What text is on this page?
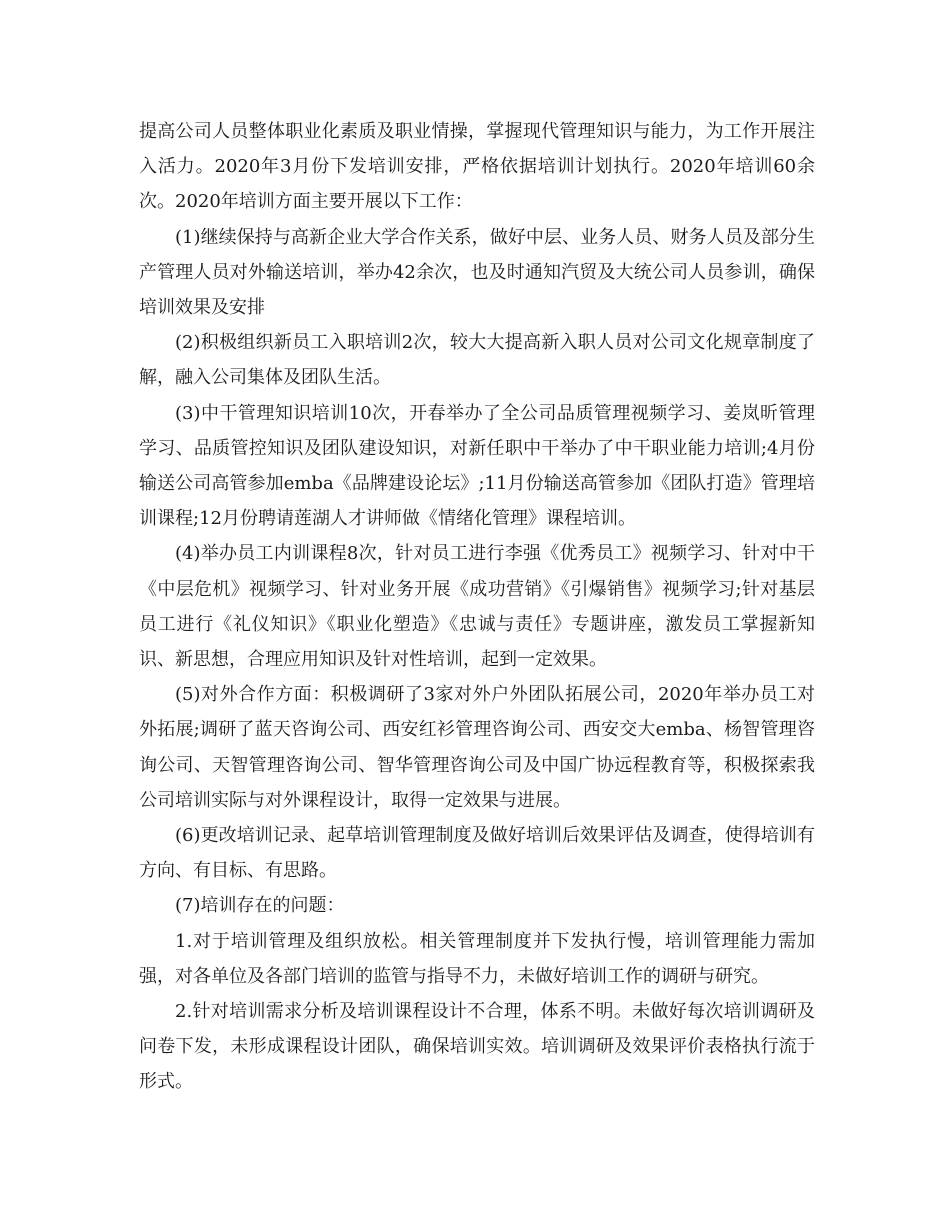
提高公司人员整体职业化素质及职业情操，掌握现代管理知识与能力，为工作开展注入活力。2020年3月份下发培训安排，严格依据培训计划执行。2020年培训60余次。2020年培训方面主要开展以下工作：

(1)继续保持与高新企业大学合作关系，做好中层、业务人员、财务人员及部分生产管理人员对外输送培训，举办42余次，也及时通知汽贸及大统公司人员参训，确保培训效果及安排

(2)积极组织新员工入职培训2次，较大大提高新入职人员对公司文化规章制度了解，融入公司集体及团队生活。

(3)中干管理知识培训10次，开春举办了全公司品质管理视频学习、姜岚昕管理学习、品质管控知识及团队建设知识，对新任职中干举办了中干职业能力培训;4月份输送公司高管参加emba《品牌建设论坛》;11月份输送高管参加《团队打造》管理培训课程;12月份聘请莲湖人才讲师做《情绪化管理》课程培训。

(4)举办员工内训课程8次，针对员工进行李强《优秀员工》视频学习、针对中干《中层危机》视频学习、针对业务开展《成功营销》《引爆销售》视频学习;针对基层员工进行《礼仪知识》《职业化塑造》《忠诚与责任》专题讲座，激发员工掌握新知识、新思想，合理应用知识及针对性培训，起到一定效果。

(5)对外合作方面：积极调研了3家对外户外团队拓展公司，2020年举办员工对外拓展;调研了蓝天咨询公司、西安红衫管理咨询公司、西安交大emba、杨智管理咨询公司、天智管理咨询公司、智华管理咨询公司及中国广协远程教育等，积极探索我公司培训实际与对外课程设计，取得一定效果与进展。

(6)更改培训记录、起草培训管理制度及做好培训后效果评估及调查，使得培训有方向、有目标、有思路。

(7)培训存在的问题：

1.对于培训管理及组织放松。相关管理制度并下发执行慢，培训管理能力需加强，对各单位及各部门培训的监管与指导不力，未做好培训工作的调研与研究。

2.针对培训需求分析及培训课程设计不合理，体系不明。未做好每次培训调研及问卷下发，未形成课程设计团队，确保培训实效。培训调研及效果评价表格执行流于形式。
